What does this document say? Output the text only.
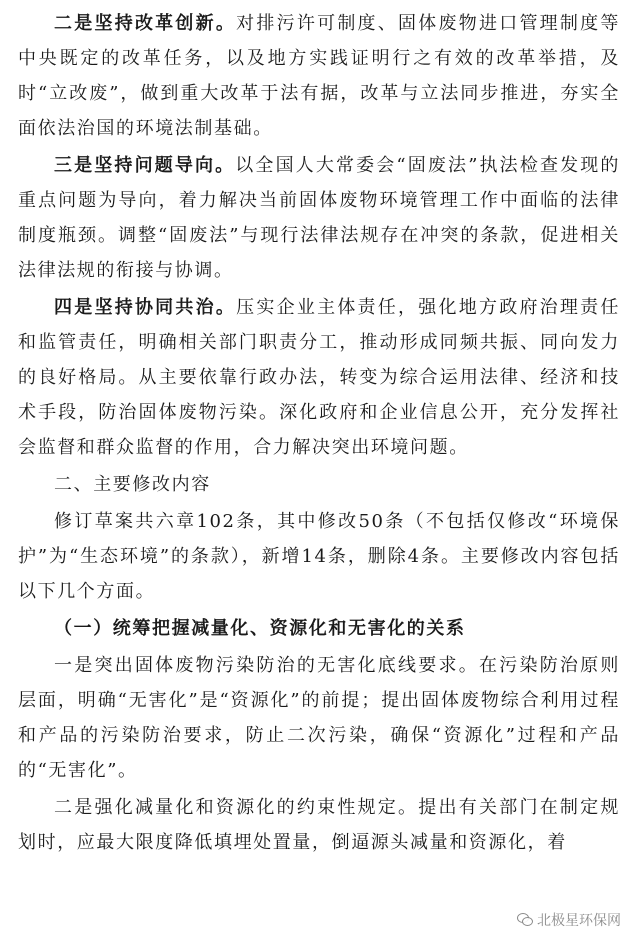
二是坚持改革创新。对排污许可制度、固体废物进口管理制度等中央既定的改革任务，以及地方实践证明行之有效的改革举措，及时“立改废”，做到重大改革于法有据，改革与立法同步推进，夯实全面依法治国的环境法制基础。

三是坚持问题导向。以全国人大常委会“固废法”执法检查发现的重点问题为导向，着力解决当前固体废物环境管理工作中面临的法律制度瓶颈。调整“固废法”与现行法律法规存在冲突的条款，促进相关法律法规的衔接与协调。

四是坚持协同共治。压实企业主体责任，强化地方政府治理责任和监管责任，明确相关部门职责分工，推动形成同频共振、同向发力的良好格局。从主要依靠行政办法，转变为综合运用法律、经济和技术手段，防治固体废物污染。深化政府和企业信息公开，充分发挥社会监督和群众监督的作用，合力解决突出环境问题。

二、主要修改内容

修订草案共六章102条，其中修改50条（不包括仅修改“环境保护”为“生态环境”的条款），新增14条，删除4条。主要修改内容包括以下几个方面。

（一）统筹把握减量化、资源化和无害化的关系

一是突出固体废物污染防治的无害化底线要求。在污染防治原则层面，明确“无害化”是“资源化”的前提；提出固体废物综合利用过程和产品的污染防治要求，防止二次污染，确保“资源化”过程和产品的“无害化”。

二是强化减量化和资源化的约束性规定。提出有关部门在制定规划时，应最大限度降低填埋处置量，倒逼源头减量和资源化，着

北极星环保网
